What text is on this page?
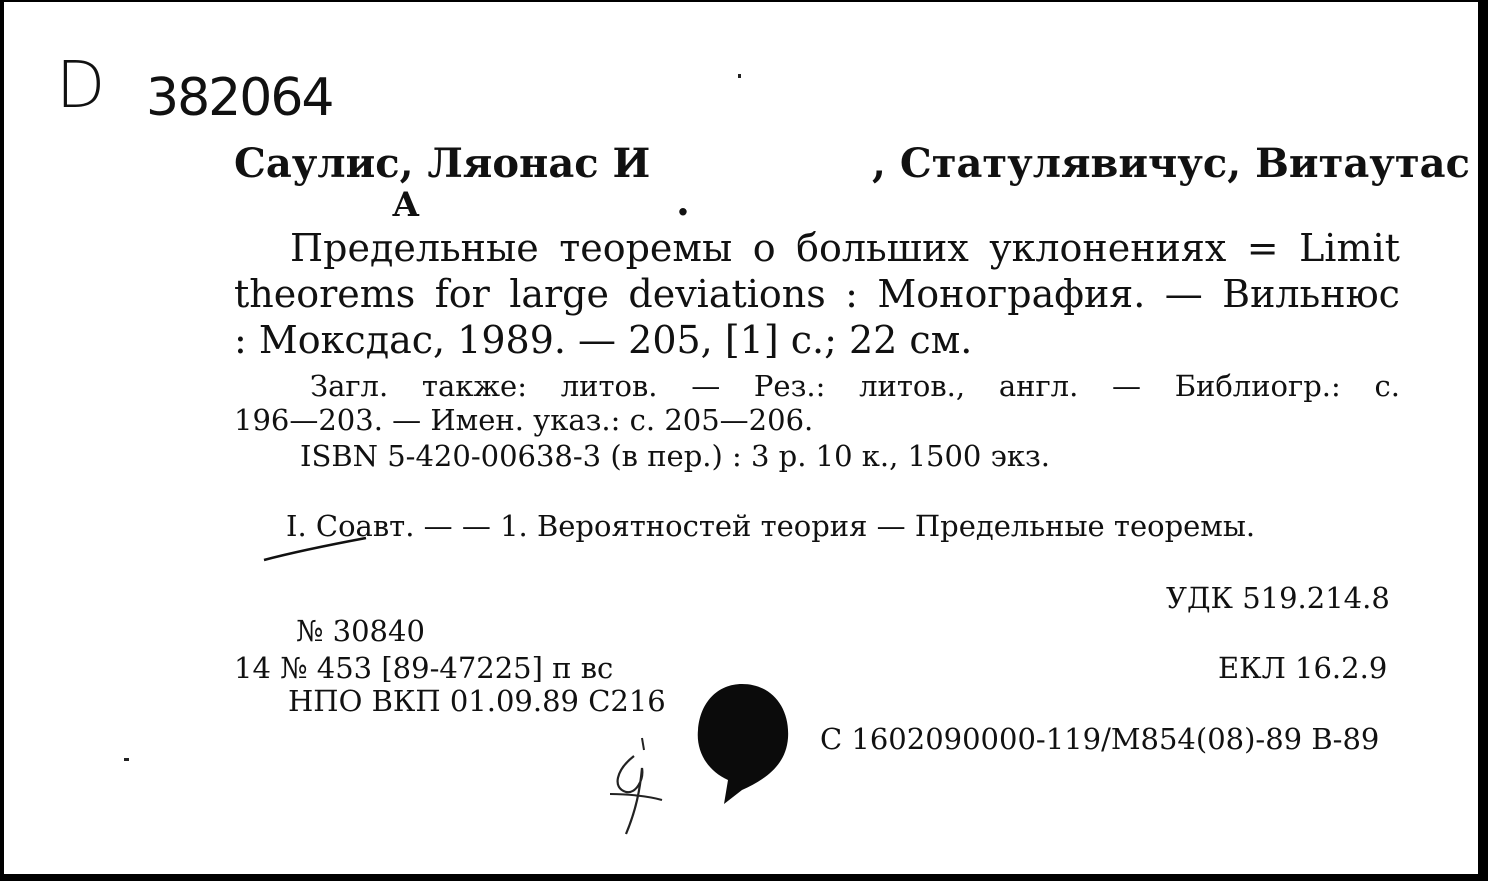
D 382064
Саулис, Ляонас И
А
, Статулявичус, Витаутас
.
Предельные теоремы о больших уклонениях = Limit
theorems for large deviations : Монография. — Вильнюс
: Моксдас, 1989. — 205, [1] с.; 22 см.
Загл. также: литов. — Рез.: литов., англ. — Библиогр.: с.
196—203. — Имен. указ.: с. 205—206.
ISBN 5-420-00638-3 (в пер.) : 3 р. 10 к., 1500 экз.
I. Соавт. — — 1. Вероятностей теория — Предельные теоремы.
УДК 519.214.8
ЕКЛ 16.2.9
С 1602090000-119/М854(08)-89 В-89
№ 30840
14 № 453 [89-47225] п вс
НПО ВКП 01.09.89 С216
